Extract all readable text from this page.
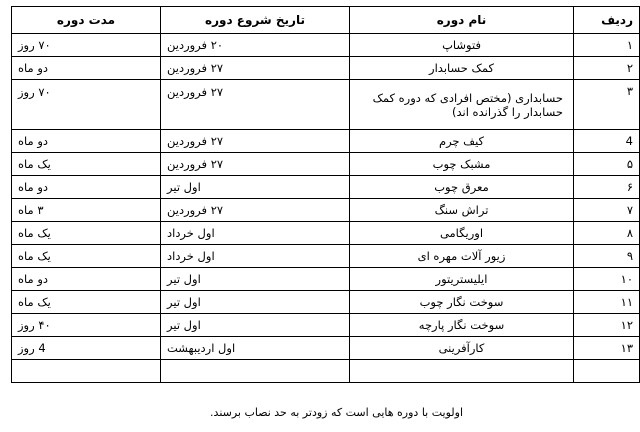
ردیف	نام دوره	تاریخ شروع دوره	مدت دوره
۱	فتوشاپ	۲۰ فروردین	۷۰ روز
۲	کمک حسابدار	۲۷ فروردین	دو ماه
۳	حسابداری (مختص افرادی که دوره کمک حسابدار را گذرانده اند)	۲۷ فروردین	۷۰ روز
4	کیف چرم	۲۷ فروردین	دو ماه
۵	مشبک چوب	۲۷ فروردین	یک ماه
۶	معرق چوب	اول تیر	دو ماه
۷	تراش سنگ	۲۷ فروردین	۳ ماه
۸	اوریگامی	اول خرداد	یک ماه
۹	زیور آلات مهره ای	اول خرداد	یک ماه
۱۰	ایلیستریتور	اول تیر	دو ماه
۱۱	سوخت نگار چوب	اول تیر	یک ماه
۱۲	سوخت نگار پارچه	اول تیر	۴۰ روز
۱۳	کارآفرینی	اول اردیبهشت	4 روز

اولویت با دوره هایی است که زودتر به حد نصاب برسند.
